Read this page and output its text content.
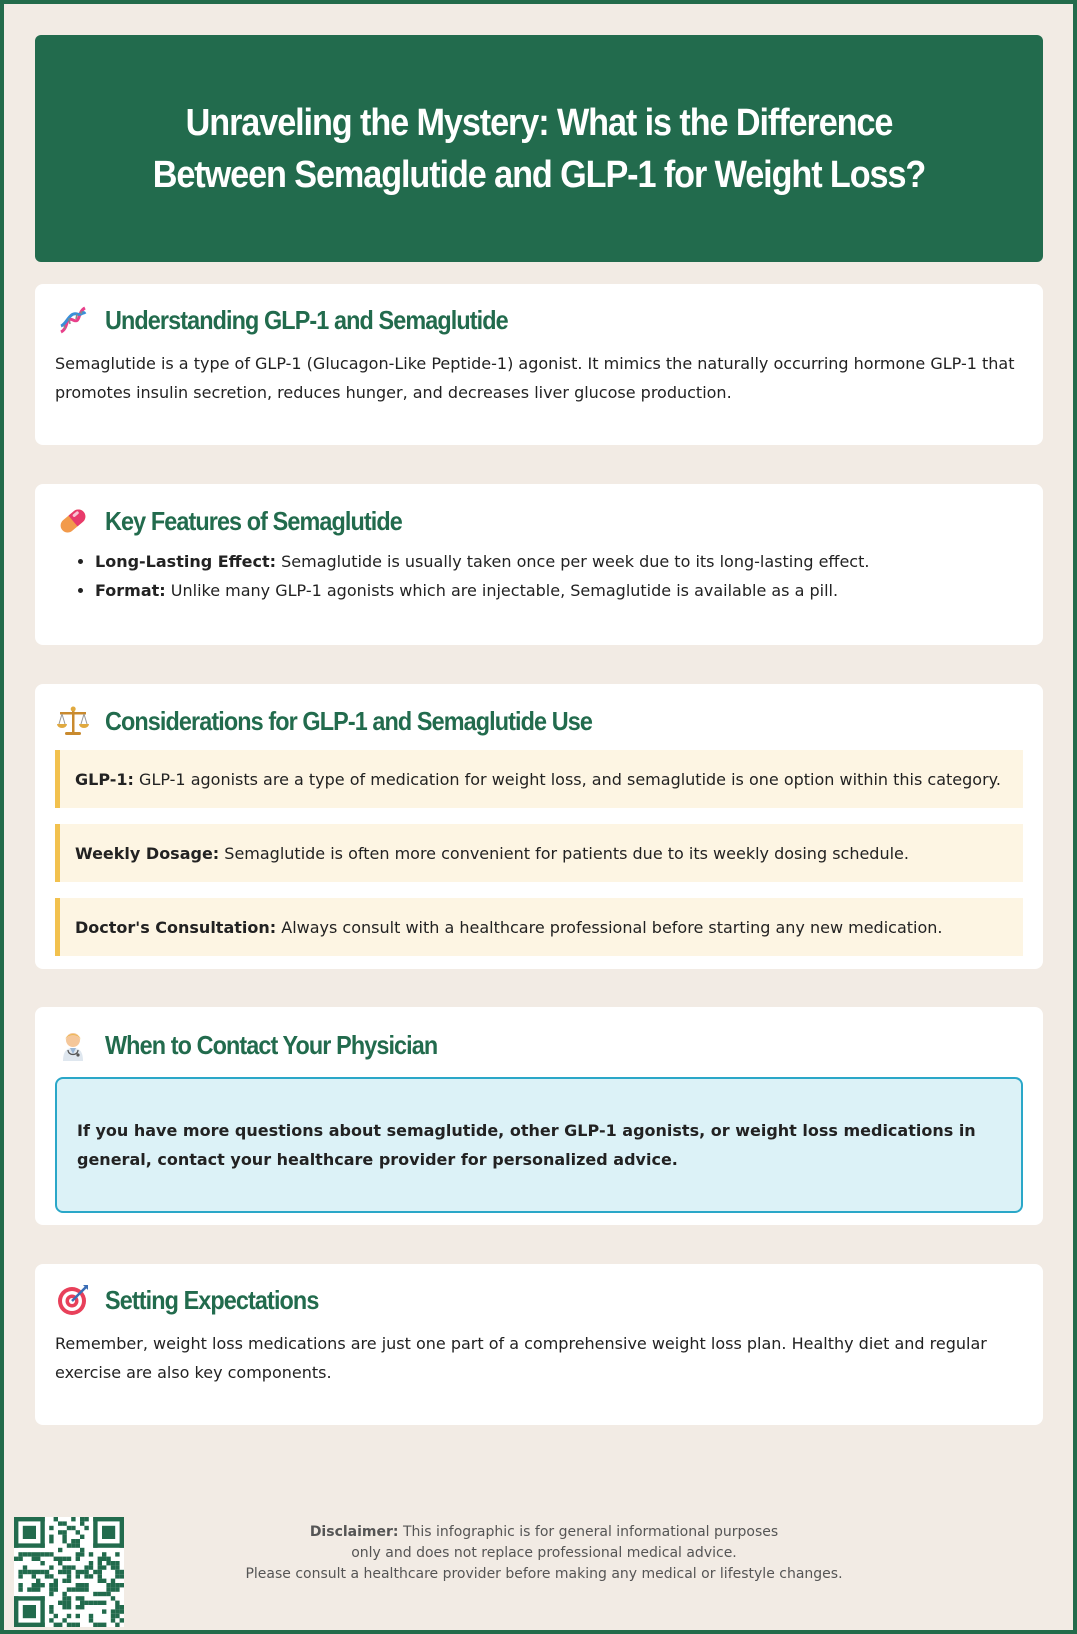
Unraveling the Mystery: What is the Difference Between Semaglutide and GLP-1 for Weight Loss?
Understanding GLP-1 and Semaglutide

Semaglutide is a type of GLP-1 (Glucagon-Like Peptide-1) agonist. It mimics the naturally occurring hormone GLP-1 that promotes insulin secretion, reduces hunger, and decreases liver glucose production.

Key Features of Semaglutide
• Long-Lasting Effect: Semaglutide is usually taken once per week due to its long-lasting effect.
• Format: Unlike many GLP-1 agonists which are injectable, Semaglutide is available as a pill.
Considerations for GLP-1 and Semaglutide Use
GLP-1: GLP-1 agonists are a type of medication for weight loss, and semaglutide is one option within this category.
Weekly Dosage: Semaglutide is often more convenient for patients due to its weekly dosing schedule.
Doctor's Consultation: Always consult with a healthcare professional before starting any new medication.
When to Contact Your Physician
If you have more questions about semaglutide, other GLP-1 agonists, or weight loss medications in general, contact your healthcare provider for personalized advice.
Setting Expectations

Remember, weight loss medications are just one part of a comprehensive weight loss plan. Healthy diet and regular exercise are also key components.

Disclaimer: This infographic is for general informational purposes
only and does not replace professional medical advice.
Please consult a healthcare provider before making any medical or lifestyle changes.
